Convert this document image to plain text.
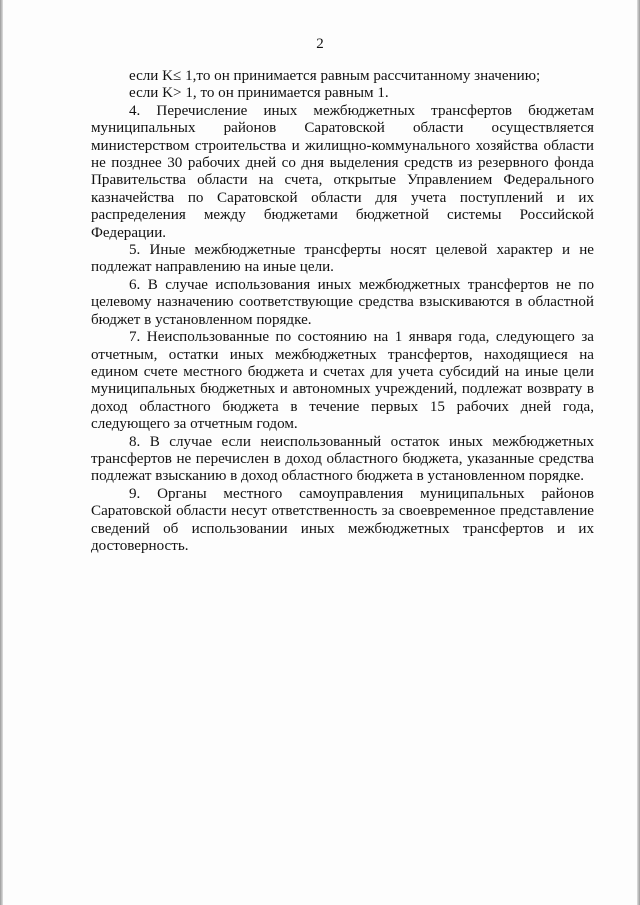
2

если K≤ 1,то он принимается равным рассчитанному значению;

если K> 1, то он принимается равным 1.

4. Перечисление иных межбюджетных трансфертов бюджетам муниципальных районов Саратовской области осуществляется министерством строительства и жилищно-коммунального хозяйства области не позднее 30 рабочих дней со дня выделения средств из резервного фонда Правительства области на счета, открытые Управлением Федерального казначейства по Саратовской области для учета поступлений и их распределения между бюджетами бюджетной системы Российской Федерации.

5. Иные межбюджетные трансферты носят целевой характер и не подлежат направлению на иные цели.

6. В случае использования иных межбюджетных трансфертов не по целевому назначению соответствующие средства взыскиваются в областной бюджет в установленном порядке.

7. Неиспользованные по состоянию на 1 января года, следующего за отчетным, остатки иных межбюджетных трансфертов, находящиеся на едином счете местного бюджета и счетах для учета субсидий на иные цели муниципальных бюджетных и автономных учреждений, подлежат возврату в доход областного бюджета в течение первых 15 рабочих дней года, следующего за отчетным годом.

8. В случае если неиспользованный остаток иных межбюджетных трансфертов не перечислен в доход областного бюджета, указанные средства подлежат взысканию в доход областного бюджета в установленном порядке.

9. Органы местного самоуправления муниципальных районов Саратовской области несут ответственность за своевременное представление сведений об использовании иных межбюджетных трансфертов и их достоверность.
